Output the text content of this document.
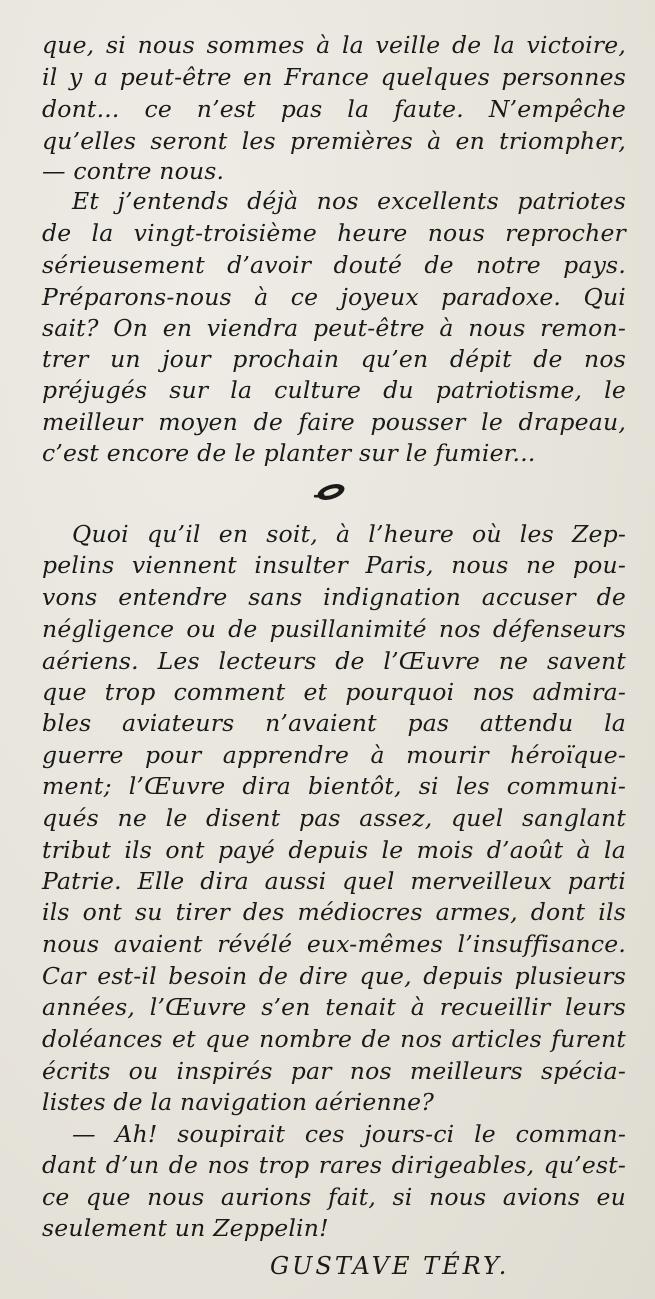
que, si nous sommes à la veille de la victoire,
il y a peut-être en France quelques personnes
dont... ce n’est pas la faute. N’empêche
qu’elles seront les premières à en triompher,
— contre nous.
Et j’entends déjà nos excellents patriotes
de la vingt-troisième heure nous reprocher
sérieusement d’avoir douté de notre pays.
Préparons-nous à ce joyeux paradoxe. Qui
sait? On en viendra peut-être à nous remon-
trer un jour prochain qu’en dépit de nos
préjugés sur la culture du patriotisme, le
meilleur moyen de faire pousser le drapeau,
c’est encore de le planter sur le fumier...
Quoi qu’il en soit, à l’heure où les Zep-
pelins viennent insulter Paris, nous ne pou-
vons entendre sans indignation accuser de
négligence ou de pusillanimité nos défenseurs
aériens. Les lecteurs de l’Œuvre ne savent
que trop comment et pourquoi nos admira-
bles aviateurs n’avaient pas attendu la
guerre pour apprendre à mourir héroïque-
ment; l’Œuvre dira bientôt, si les communi-
qués ne le disent pas assez, quel sanglant
tribut ils ont payé depuis le mois d’août à la
Patrie. Elle dira aussi quel merveilleux parti
ils ont su tirer des médiocres armes, dont ils
nous avaient révélé eux-mêmes l’insuffisance.
Car est-il besoin de dire que, depuis plusieurs
années, l’Œuvre s’en tenait à recueillir leurs
doléances et que nombre de nos articles furent
écrits ou inspirés par nos meilleurs spécia-
listes de la navigation aérienne?
— Ah! soupirait ces jours-ci le comman-
dant d’un de nos trop rares dirigeables, qu’est-
ce que nous aurions fait, si nous avions eu
seulement un Zeppelin!
GUSTAVE TÉRY.
